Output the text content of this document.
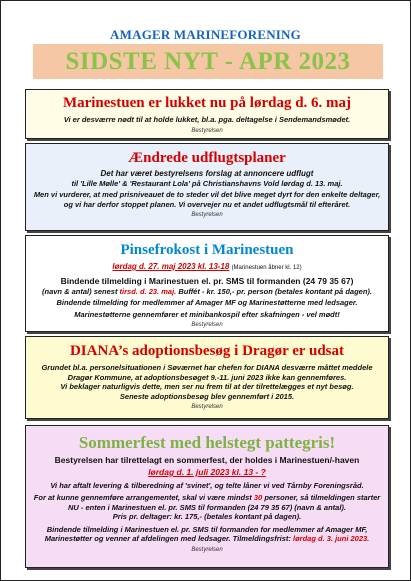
AMAGER MARINEFORENING
SIDSTE NYT - APR 2023
Marinestuen er lukket nu på lørdag d. 6. maj
Vi er desværre nødt til at holde lukket, bl.a. pga. deltagelse i Sendemandsmødet.
Bestyrelsen
Ændrede udflugtsplaner
Det har været bestyrelsens forslag at annoncere udflugt
til 'Lille Mølle' & 'Restaurant Lola' på Christianshavns Vold lørdag d. 13. maj.
Men vi vurderer, at med prisniveauet de to steder vil det blive meget dyrt for den enkelte deltager, og vi har derfor stoppet planen. Vi overvejer nu et andet udflugtsmål til efteråret.
Bestyrelsen
Pinsefrokost i Marinestuen
lørdag d. 27. maj 2023 kl. 13-18 (Marinestuen åbner kl. 12)
Bindende tilmelding i Marinestuen el. pr. SMS til formanden (24 79 35 67)
(navn & antal) senest tirsd. d. 23. maj. Buffét - kr. 150,- pr. person (betales kontant på dagen).
Bindende tilmelding for medlemmer af Amager MF og Marinestøtterne med ledsager.
Marinestøtterne gennemfører et minibankospil efter skafningen - vel mødt!
Bestyrelsen
DIANA’s adoptionsbesøg i Dragør er udsat
Grundet bl.a. personelsituationen i Søværnet har chefen for DIANA desværre måttet meddele Dragør Kommune, at adoptionsbesøget 9.-11. juni 2023 ikke kan gennemføres.
Vi beklager naturligvis dette, men ser nu frem til at der tilrettelægges et nyt besøg.
Seneste adoptionsbesøg blev gennemført i 2015.
Bestyrelsen
Sommerfest med helstegt pattegris!
Bestyrelsen har tilrettelagt en sommerfest, der holdes i Marinestuen/-haven
lørdag d. 1. juli 2023 kl. 13 - ?
Vi har aftalt levering & tilberedning af 'svinet', og telte låner vi ved Tårnby Foreningsråd.
For at kunne gennemføre arrangementet, skal vi være mindst 30 personer, så tilmeldingen starter NU - enten i Marinestuen el. pr. SMS til formanden (24 79 35 67) (navn & antal).
Pris pr. deltager: kr. 175,- (betales kontant på dagen).
Bindende tilmelding i Marinestuen el. pr. SMS til formanden for medlemmer af Amager MF, Marinestøtter og venner af afdelingen med ledsager. Tilmeldingsfrist: lørdag d. 3. juni 2023.
Bestyrelsen
